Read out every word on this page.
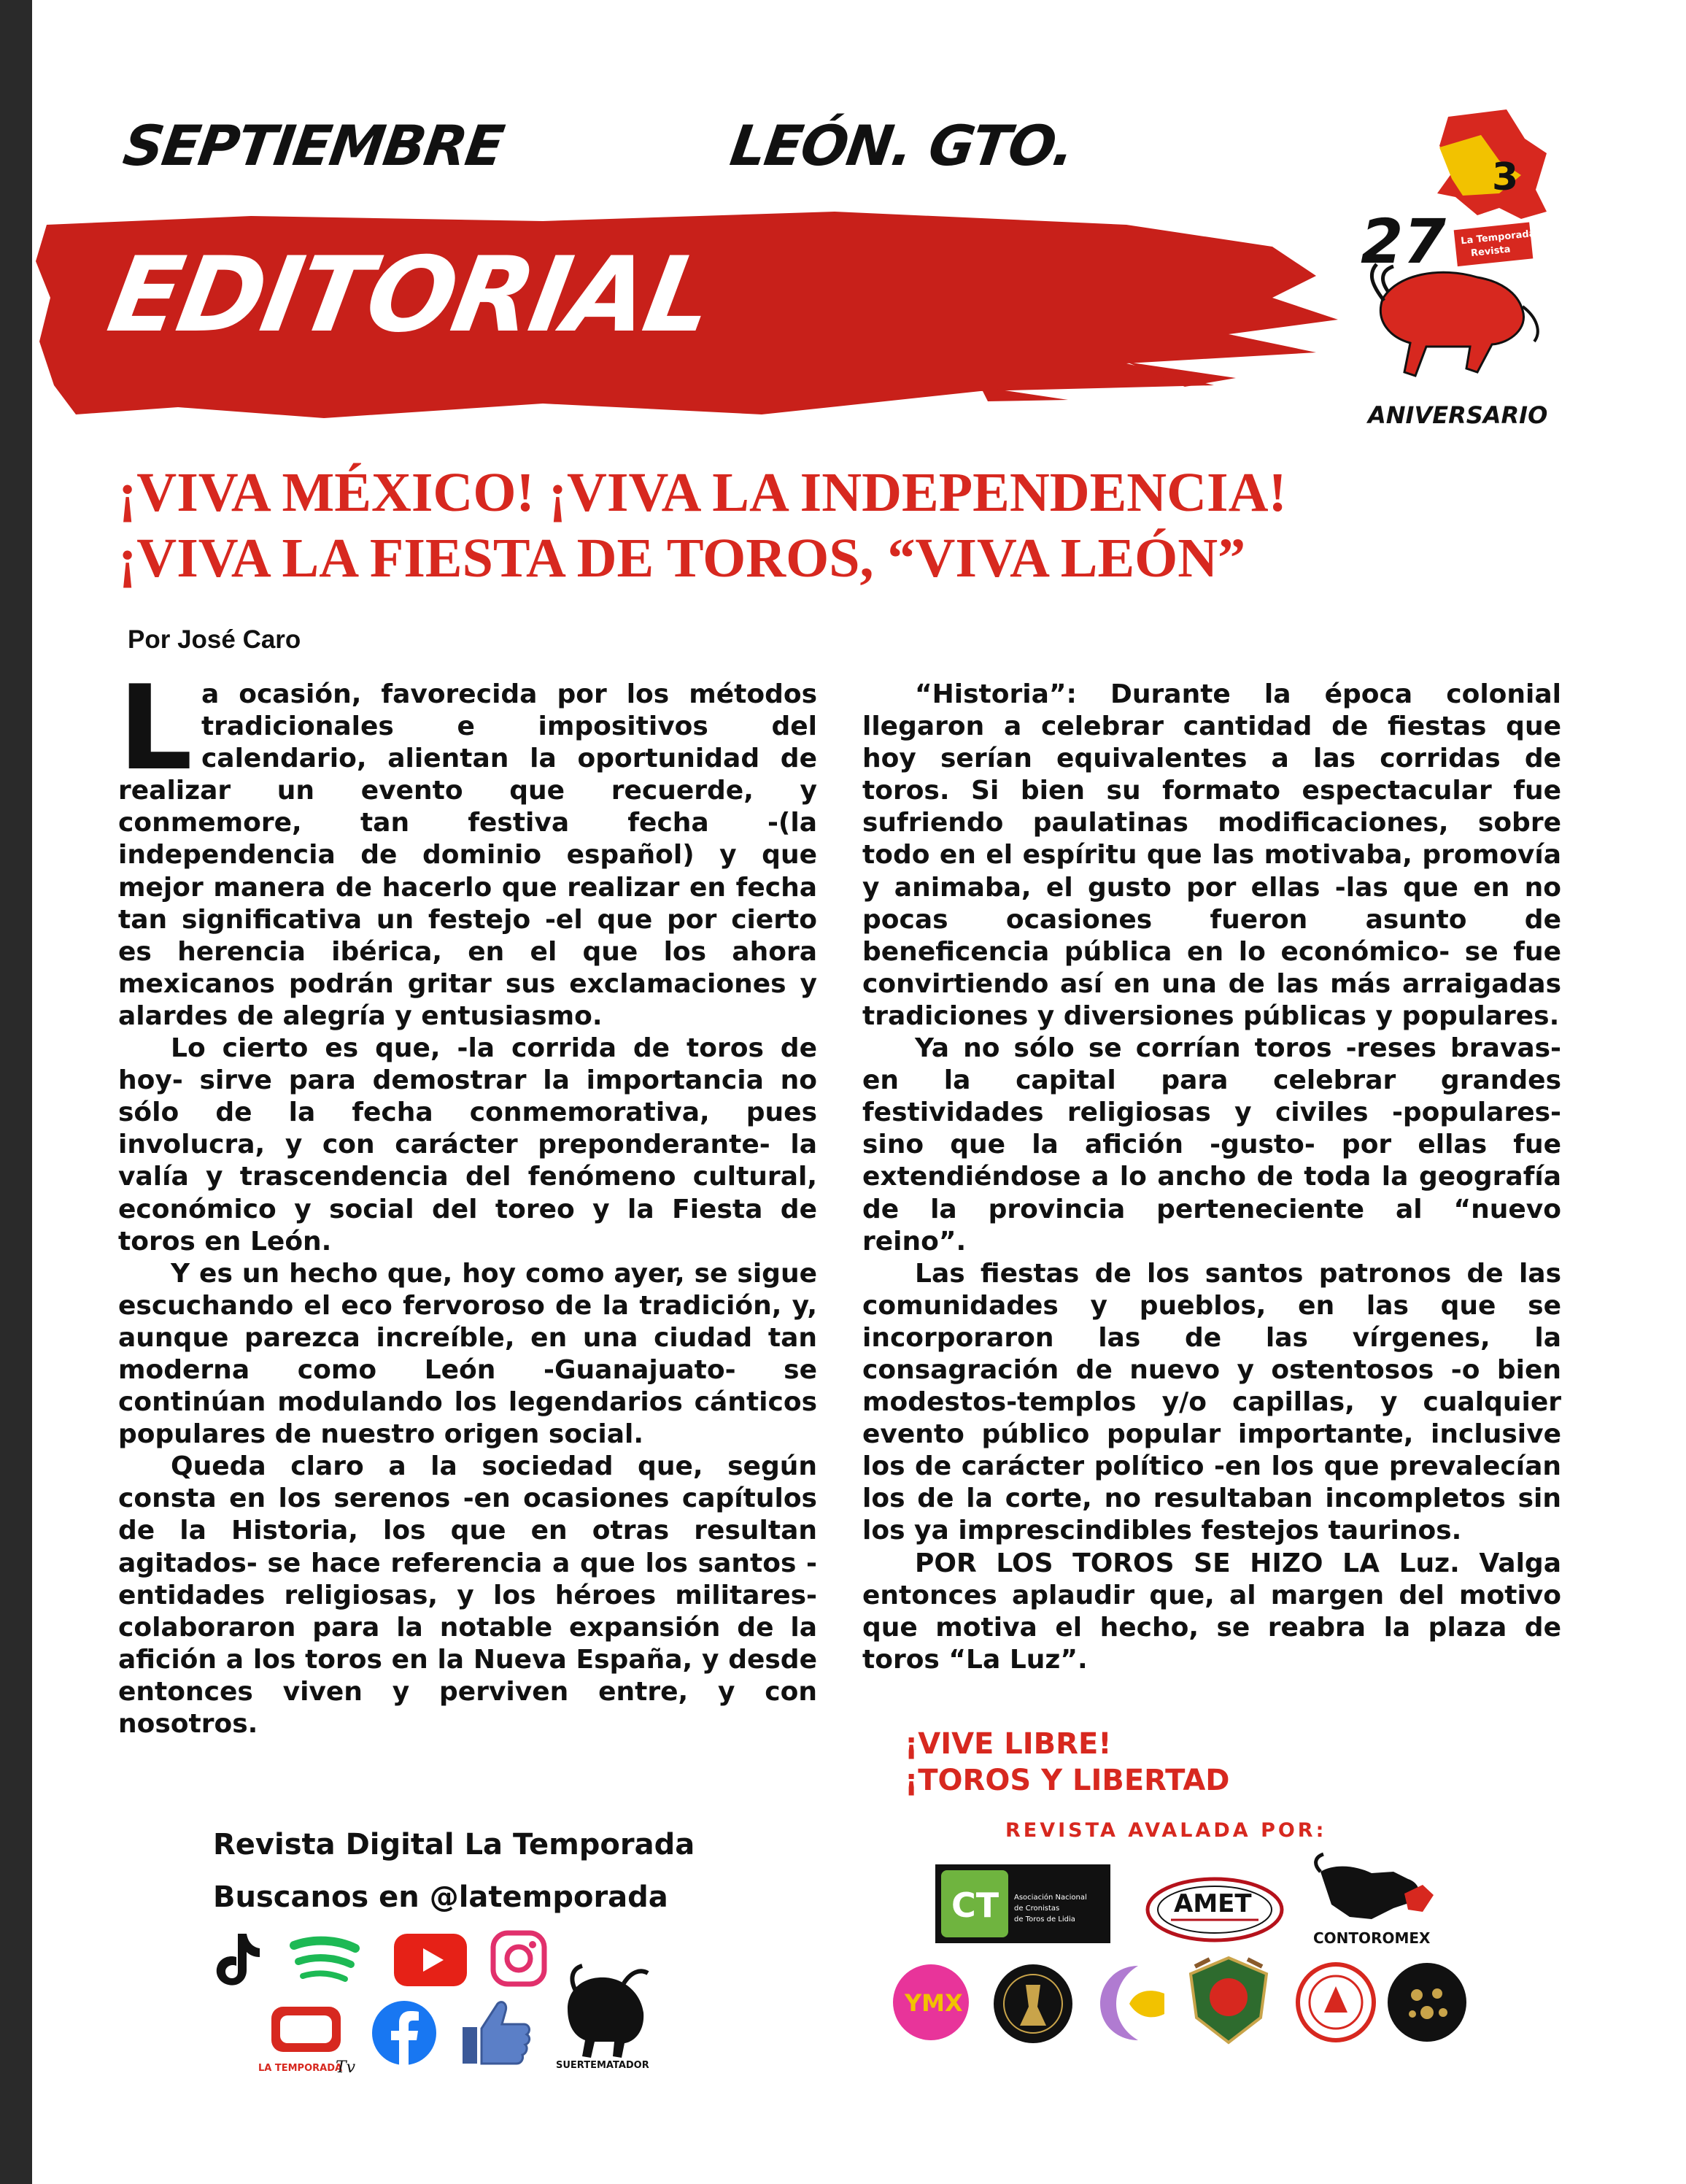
SEPTIEMBRE	LEÓN. GTO.
EDITORIAL
3
27 La Temporada
Revista
ANIVERSARIO
¡VIVA MÉXICO! ¡VIVA LA INDEPENDENCIA!
¡VIVA LA FIESTA DE TOROS, “VIVA LEÓN”
Por José Caro

La ocasión, favorecida por los métodos tradicionales e impositivos del calendario, alientan la oportunidad de realizar un evento que recuerde, y conmemore, tan festiva fecha -(la independencia de dominio español) y que mejor manera de hacerlo que realizar en fecha tan significativa un festejo -el que por cierto es herencia ibérica, en el que los ahora mexicanos podrán gritar sus exclamaciones y alardes de alegría y entusiasmo.

Lo cierto es que, -la corrida de toros de hoy- sirve para demostrar la importancia no sólo de la fecha conmemorativa, pues involucra, y con carácter preponderante- la valía y trascendencia del fenómeno cultural, económico y social del toreo y la Fiesta de toros en León.

Y es un hecho que, hoy como ayer, se sigue escuchando el eco fervoroso de la tradición, y, aunque parezca increíble, en una ciudad tan moderna como León -Guanajuato- se continúan modulando los legendarios cánticos populares de nuestro origen social.

Queda claro a la sociedad que, según consta en los serenos -en ocasiones capítulos de la Historia, los que en otras resultan agitados- se hace referencia a que los santos -entidades religiosas, y los héroes militares- colaboraron para la notable expansión de la afición a los toros en la Nueva España, y desde entonces viven y perviven entre, y con nosotros.

“Historia”: Durante la época colonial llegaron a celebrar cantidad de fiestas que hoy serían equivalentes a las corridas de toros. Si bien su formato espectacular fue sufriendo paulatinas modificaciones, sobre todo en el espíritu que las motivaba, promovía y animaba, el gusto por ellas -las que en no pocas ocasiones fueron asunto de beneficencia pública en lo económico- se fue convirtiendo así en una de las más arraigadas tradiciones y diversiones públicas y populares.

Ya no sólo se corrían toros -reses bravas- en la capital para celebrar grandes festividades religiosas y civiles -populares- sino que la afición -gusto- por ellas fue extendiéndose a lo ancho de toda la geografía de la provincia perteneciente al “nuevo reino”.

Las fiestas de los santos patronos de las comunidades y pueblos, en las que se incorporaron las de las vírgenes, la consagración de nuevo y ostentosos -o bien modestos-templos y/o capillas, y cualquier evento público popular importante, inclusive los de carácter político -en los que prevalecían los de la corte, no resultaban incompletos sin los ya imprescindibles festejos taurinos.

POR LOS TOROS SE HIZO LA Luz. Valga entonces aplaudir que, al margen del motivo que motiva el hecho, se reabra la plaza de toros “La Luz”.

¡VIVE LIBRE!
¡TOROS Y LIBERTAD
Revista Digital La Temporada
Buscanos en @latemporada
LA TEMPORADA
Tv	SUERTEMATADOR
REVISTA AVALADA POR:
CT Asociación Nacional
de Cronistas
de Toros de Lidia
AMET
CONTOROMEX
YMX
